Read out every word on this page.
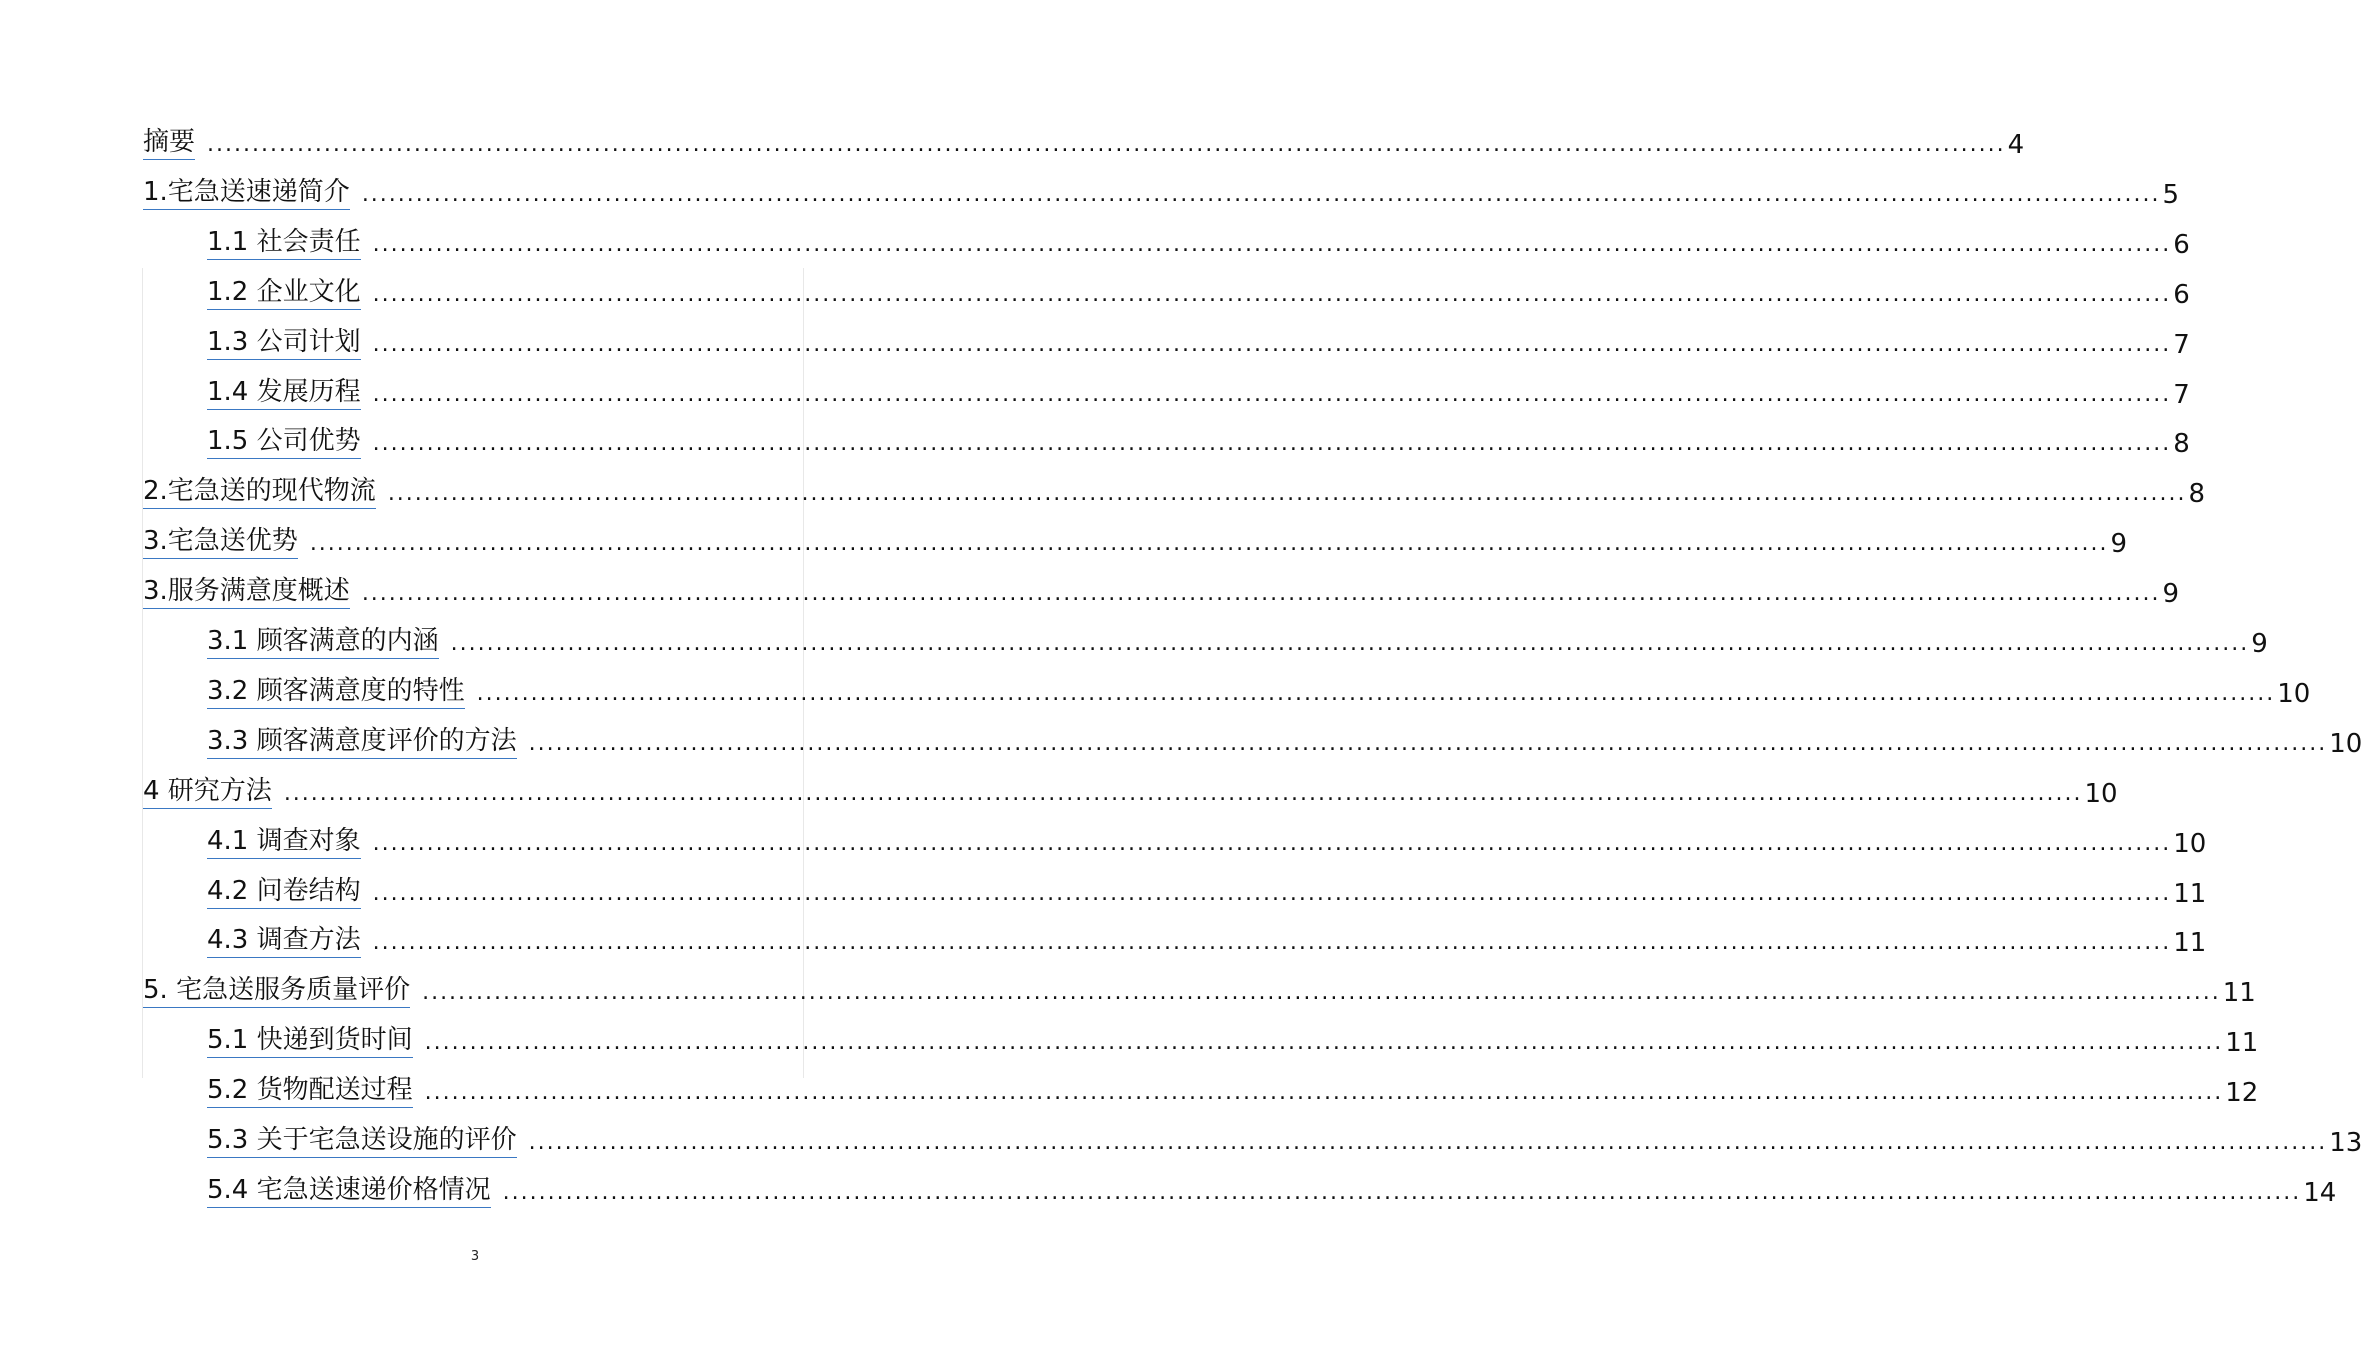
摘要 ........................................................................................................................................................................................................ 4
1.宅急送速递简介 ........................................................................................................................................................................................................ 5
1.1 社会责任 ........................................................................................................................................................................................................ 6
1.2 企业文化 ........................................................................................................................................................................................................ 6
1.3 公司计划 ........................................................................................................................................................................................................ 7
1.4 发展历程 ........................................................................................................................................................................................................ 7
1.5 公司优势 ........................................................................................................................................................................................................ 8
2.宅急送的现代物流 ........................................................................................................................................................................................................ 8
3.宅急送优势 ........................................................................................................................................................................................................ 9
3.服务满意度概述 ........................................................................................................................................................................................................ 9
3.1 顾客满意的内涵 ........................................................................................................................................................................................................ 9
3.2 顾客满意度的特性 ........................................................................................................................................................................................................ 10
3.3 顾客满意度评价的方法 ........................................................................................................................................................................................................ 10
4 研究方法 ........................................................................................................................................................................................................ 10
4.1 调查对象 ........................................................................................................................................................................................................ 10
4.2 问卷结构 ........................................................................................................................................................................................................ 11
4.3 调查方法 ........................................................................................................................................................................................................ 11
5. 宅急送服务质量评价 ........................................................................................................................................................................................................ 11
5.1 快递到货时间 ........................................................................................................................................................................................................ 11
5.2 货物配送过程 ........................................................................................................................................................................................................ 12
5.3 关于宅急送设施的评价 ........................................................................................................................................................................................................ 13
5.4 宅急送速递价格情况 ........................................................................................................................................................................................................ 14
3
